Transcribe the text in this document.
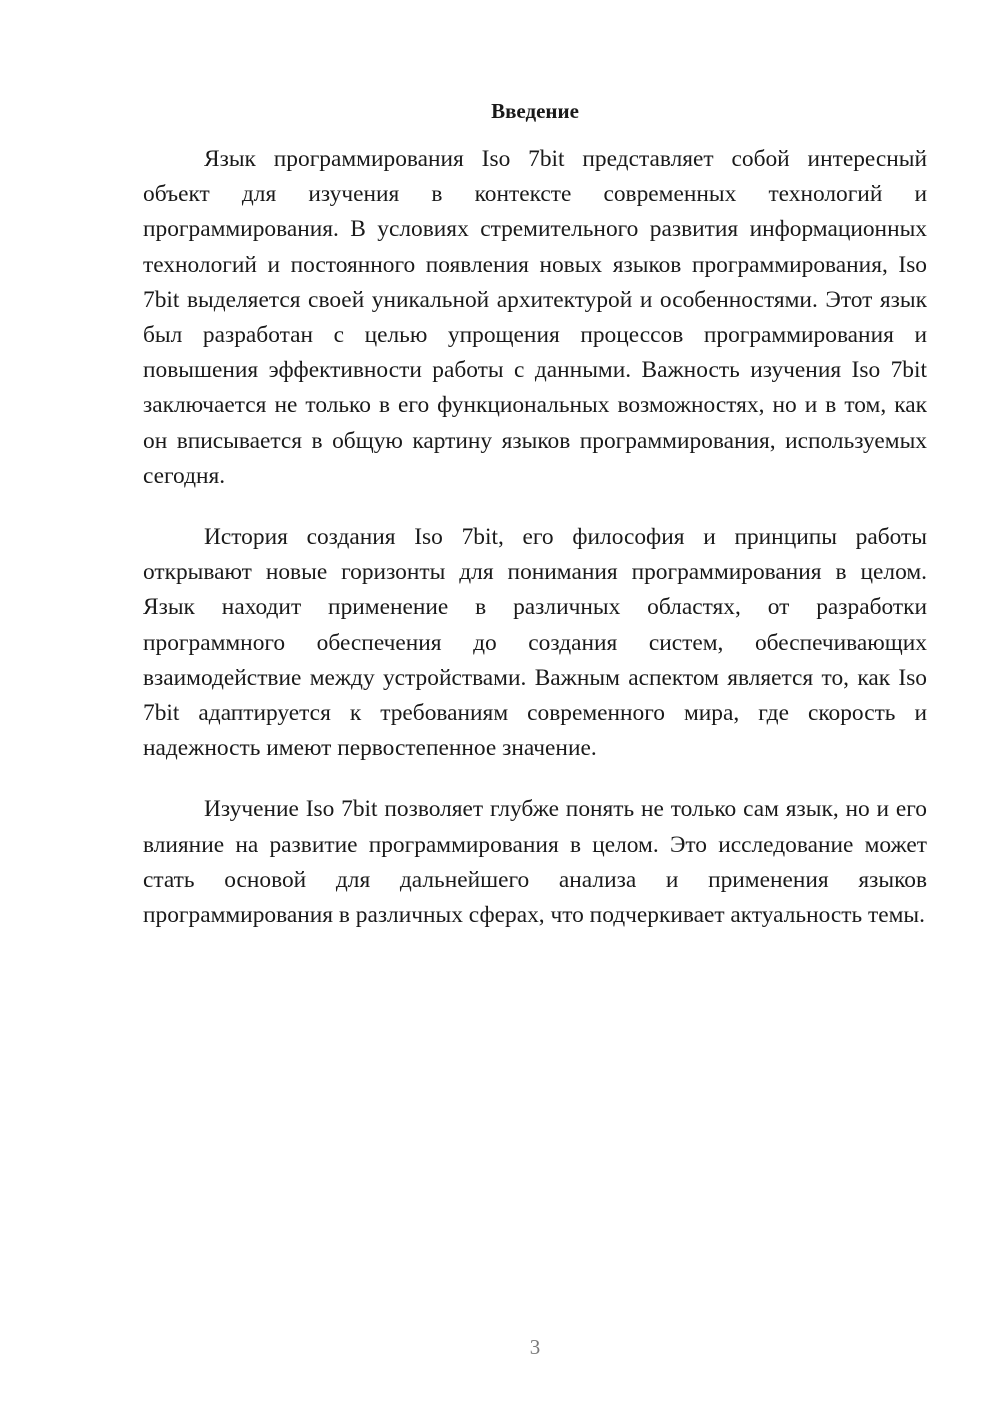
Введение

Язык программирования Iso 7bit представляет собой интересный объект для изучения в контексте современных технологий и программирования. В условиях стремительного развития информационных технологий и постоянного появления новых языков программирования, Iso 7bit выделяется своей уникальной архитектурой и особенностями. Этот язык был разработан с целью упрощения процессов программирования и повышения эффективности работы с данными. Важность изучения Iso 7bit заключается не только в его функциональных возможностях, но и в том, как он вписывается в общую картину языков программирования, используемых сегодня.

История создания Iso 7bit, его философия и принципы работы открывают новые горизонты для понимания программирования в целом. Язык находит применение в различных областях, от разработки программного обеспечения до создания систем, обеспечивающих взаимодействие между устройствами. Важным аспектом является то, как Iso 7bit адаптируется к требованиям современного мира, где скорость и надежность имеют первостепенное значение.

Изучение Iso 7bit позволяет глубже понять не только сам язык, но и его влияние на развитие программирования в целом. Это исследование может стать основой для дальнейшего анализа и применения языков программирования в различных сферах, что подчеркивает актуальность темы.

3
